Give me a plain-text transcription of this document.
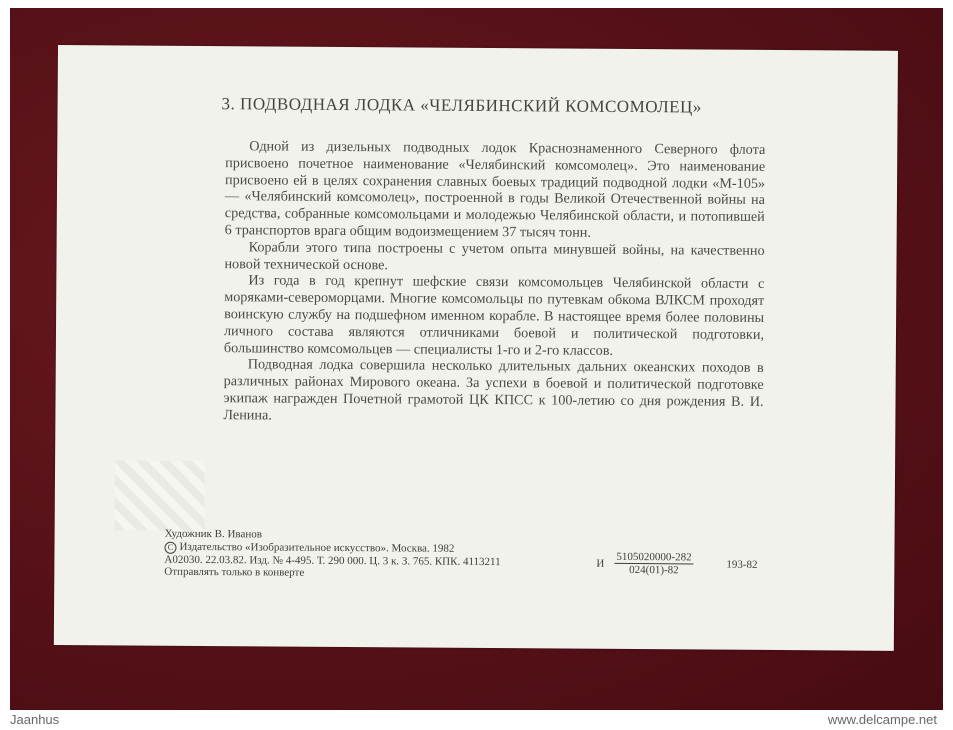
3. ПОДВОДНАЯ ЛОДКА «ЧЕЛЯБИНСКИЙ КОМСОМОЛЕЦ»

Одной из дизельных подводных лодок Краснознаменного Северного флота присвоено почетное наименование «Челябинский комсомолец». Это наименование присвоено ей в целях сохранения славных боевых традиций подводной лодки «М-105» — «Челябинский комсомолец», построенной в годы Великой Отечественной войны на средства, собранные комсомольцами и молодежью Челябинской области, и потопившей 6 транспортов врага общим водоизмещением 37 тысяч тонн.

Корабли этого типа построены с учетом опыта минувшей войны, на качественно новой технической основе.

Из года в год крепнут шефские связи комсомольцев Челябинской области с моряками-североморцами. Многие комсомольцы по путевкам обкома ВЛКСМ проходят воинскую службу на подшефном именном корабле. В настоящее время более половины личного состава являются отличниками боевой и политической подготовки, большинство комсомольцев — специалисты 1-го и 2-го классов.

Подводная лодка совершила несколько длительных дальних океанских походов в различных районах Мирового океана. За успехи в боевой и политической подготовке экипаж награжден Почетной грамотой ЦК КПСС к 100-летию со дня рождения В. И. Ленина.

Художник В. Иванов
С Издательство «Изобразительное искусство». Москва. 1982
А02030. 22.03.82. Изд. № 4-495. Т. 290 000. Ц. 3 к. З. 765. КПК. 4113211
Отправлять только в конверте
И $\frac{5105020000-282}{024(01)-82}$	193-82
Jaanhus	www.delcampe.net
